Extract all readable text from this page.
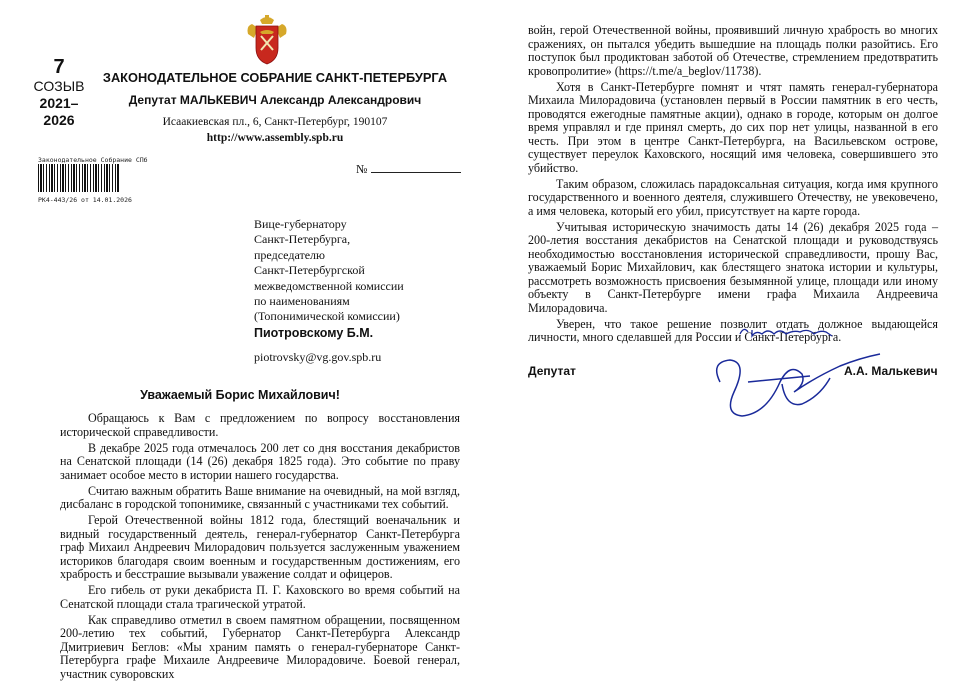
7
СОЗЫВ
2021–
2026
ЗАКОНОДАТЕЛЬНОЕ СОБРАНИЕ САНКТ-ПЕТЕРБУРГА
Депутат МАЛЬКЕВИЧ Александр Александрович
Исаакиевская пл., 6, Санкт-Петербург, 190107
http://www.assembly.spb.ru
Законодательное Собрание СПб
РК4-443/26 от 14.01.2026
№
Вице-губернатору
Санкт-Петербурга,
председателю
Санкт-Петербургской
межведомственной комиссии
по наименованиям
(Топонимической комиссии)
Пиотровскому Б.М.
piotrovsky@vg.gov.spb.ru
Уважаемый Борис Михайлович!

Обращаюсь к Вам с предложением по вопросу восстановления исторической справедливости.

В декабре 2025 года отмечалось 200 лет со дня восстания декабристов на Сенатской площади (14 (26) декабря 1825 года). Это событие по праву занимает особое место в истории нашего государства.

Считаю важным обратить Ваше внимание на очевидный, на мой взгляд, дисбаланс в городской топонимике, связанный с участниками тех событий.

Герой Отечественной войны 1812 года, блестящий военачальник и видный государственный деятель, генерал-губернатор Санкт-Петербурга граф Михаил Андреевич Милорадович пользуется заслуженным уважением историков благодаря своим военным и государственным достижениям, его храбрость и бесстрашие вызывали уважение солдат и офицеров.

Его гибель от руки декабриста П. Г. Каховского во время событий на Сенатской площади стала трагической утратой.

Как справедливо отметил в своем памятном обращении, посвященном 200-летию тех событий, Губернатор Санкт-Петербурга Александр Дмитриевич Беглов: «Мы храним память о генерал-губернаторе Санкт-Петербурга графе Михаиле Андреевиче Милорадовиче. Боевой генерал, участник суворовских

войн, герой Отечественной войны, проявивший личную храбрость во многих сражениях, он пытался убедить вышедшие на площадь полки разойтись. Его поступок был продиктован заботой об Отечестве, стремлением предотвратить кровопролитие» (https://t.me/a_beglov/11738).

Хотя в Санкт-Петербурге помнят и чтят память генерал-губернатора Михаила Милорадовича (установлен первый в России памятник в его честь, проводятся ежегодные памятные акции), однако в городе, которым он долгое время управлял и где принял смерть, до сих пор нет улицы, названной в его честь. При этом в центре Санкт-Петербурга, на Васильевском острове, существует переулок Каховского, носящий имя человека, совершившего это убийство.

Таким образом, сложилась парадоксальная ситуация, когда имя крупного государственного и военного деятеля, служившего Отечеству, не увековечено, а имя человека, который его убил, присутствует на карте города.

Учитывая историческую значимость даты 14 (26) декабря 2025 года – 200-летия восстания декабристов на Сенатской площади и руководствуясь необходимостью восстановления исторической справедливости, прошу Вас, уважаемый Борис Михайлович, как блестящего знатока истории и культуры, рассмотреть возможность присвоения безымянной улице, площади или иному объекту в Санкт-Петербурге имени графа Михаила Андреевича Милорадовича.

Уверен, что такое решение позволит отдать должное выдающейся личности, много сделавшей для России и Санкт-Петербурга.

Депутат	А.А. Малькевич
